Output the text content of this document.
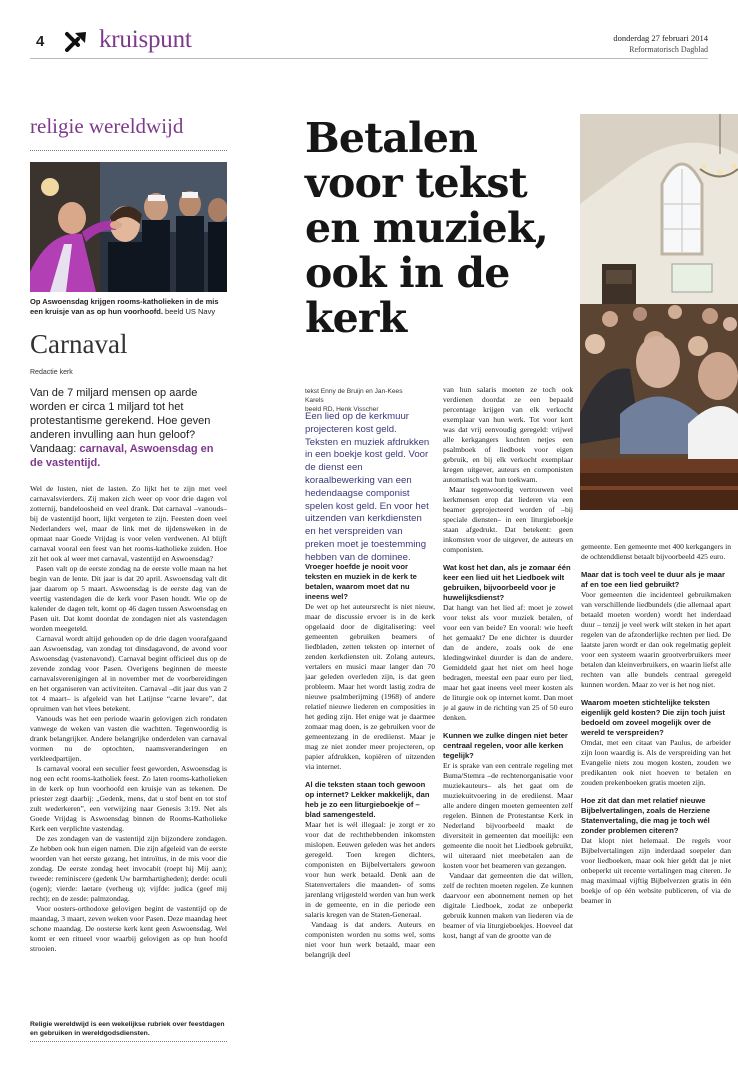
4 kruispunt	donderdag 27 februari 2014
Reformatorisch Dagblad
religie wereldwijd
Op Aswoensdag krijgen rooms-katholieken in de mis een kruisje van as op hun voorhoofd. beeld US Navy
Carnaval
Redactie kerk
Van de 7 miljard mensen op aarde worden er circa 1 miljard tot het protestantisme gerekend. Hoe geven anderen invulling aan hun geloof? Vandaag: carnaval, Aswoensdag en de vastentijd.

Wel de lusten, niet de lasten. Zo lijkt het te zijn met veel carnavalsvierders. Zij maken zich weer op voor drie dagen vol zotternij, bandeloosheid en veel drank. Dat carnaval –vanouds– bij de vastentijd hoort, lijkt vergeten te zijn. Feesten doen veel Nederlanders wel, maar de link met de tijdensweken in de opmaat naar Goede Vrijdag is voor velen verdwenen. Al blijft carnaval vooral een feest van het rooms-katholieke zuiden. Hoe zit het ook al weer met carnaval, vastentijd en Aswoensdag?

Pasen valt op de eerste zondag na de eerste volle maan na het begin van de lente. Dit jaar is dat 20 april. Aswoensdag valt dit jaar daarom op 5 maart. Aswoensdag is de eerste dag van de veertig vastendagen die de kerk voor Pasen houdt. Wie op de kalender de dagen telt, komt op 46 dagen tussen Aswoensdag en Pasen uit. Dat komt doordat de zondagen niet als vastendagen worden meegeteld.

Carnaval wordt altijd gehouden op de drie dagen voorafgaand aan Aswoensdag, van zondag tot dinsdagavond, de avond voor Aswoensdag (vastenavond). Carnaval begint officieel dus op de zevende zondag voor Pasen. Overigens beginnen de meeste carnavalsverenigingen al in november met de voorbereidingen en het organiseren van activiteiten. Carnaval –dit jaar dus van 2 tot 4 maart– is afgeleid van het Latijnse “carne levare”, dat opruimen van het vlees betekent.

Vanouds was het een periode waarin gelovigen zich rondaten vanwege de weken van vasten die wachtten. Tegenwoordig is drank belangrijker. Andere belangrijke onderdelen van carnaval vormen nu de optochten, naamsveranderingen en verkleedpartijen.

Is carnaval vooral een seculier feest geworden, Aswoensdag is nog een echt rooms-katholiek feest. Zo laten rooms-katholieken in de kerk op hun voorhoofd een kruisje van as tekenen. De priester zegt daarbij: „Gedenk, mens, dat u stof bent en tot stof zult wederkeren”, een verwijzing naar Genesis 3:19. Net als Goede Vrijdag is Aswoensdag binnen de Rooms-Katholieke Kerk een verplichte vastendag.

De zes zondagen van de vastentijd zijn bijzondere zondagen. Ze hebben ook hun eigen namen. Die zijn afgeleid van de eerste woorden van het eerste gezang, het introïtus, in de mis voor die zondag. De eerste zondag heet invocabit (roept hij Mij aan); tweede: reminiscere (gedenk Uw barmhartigheden); derde: oculi (ogen); vierde: laetare (verheug u); vijfde: judica (geef mij recht); en de zesde: palmzondag.

Voor oosters-orthodoxe gelovigen begint de vastentijd op de maandag, 3 maart, zeven weken voor Pasen. Deze maandag heet schone maandag. De oosterse kerk kent geen Aswoensdag. Wel komt er een ritueel voor waarbij gelovigen as op hun hoofd strooien.

Religie wereldwijd is een wekelijkse rubriek over feestdagen en gebruiken in wereldgodsdiensten.
Betalen voor tekst en muziek, ook in de kerk
tekst Enny de Bruijn en Jan-Kees Karels
beeld RD, Henk Visscher
Een lied op de kerkmuur projecteren kost geld. Teksten en muziek afdrukken in een boekje kost geld. Voor de dienst een koraalbewerking van een hedendaagse componist spelen kost geld. En voor het uitzenden van kerkdiensten en het verspreiden van preken moet je toestemming hebben van de dominee.
Vroeger hoefde je nooit voor teksten en muziek in de kerk te betalen, waarom moet dat nu ineens wel?

De wet op het auteursrecht is niet nieuw, maar de discussie ervoer is in de kerk opgelaaid door de digitalisering: veel gemeenten gebruiken beamers of liedbladen, zetten teksten op internet of zenden kerkdiensten uit. Zolang auteurs, vertalers en musici maar langer dan 70 jaar geleden overleden zijn, is dat geen probleem. Maar het wordt lastig zodra de nieuwe psalmberijming (1968) of andere relatief nieuwe liederen en composities in het geding zijn. Het enige wat je daarmee zomaar mag doen, is ze gebruiken voor de gemeentezang in de erediienst. Maar je mag ze niet zonder meer projecteren, op papier afdrukken, kopiëren of uitzenden via internet.

Al die teksten staan toch gewoon op internet? Lekker makkelijk, dan heb je zo een liturgieboekje of –blad samengesteld.

Maar het is wél illegaal: je zorgt er zo voor dat de rechthebbenden inkomsten mislopen. Eeuwen geleden was het anders geregeld. Toen kregen dichters, componisten en Bijbelvertalers gewoon voor hun werk betaald. Denk aan de Statenvertalers die maanden- of soms jarenlang vrijgesteld werden van hun werk in de gemeente, en in die periode een salaris kregen van de Staten-Generaal.

Vandaag is dat anders. Auteurs en componisten worden nu soms wel, soms niet voor hun werk betaald, maar een belangrijk deel

van hun salaris moeten ze toch ook verdienen doordat ze een bepaald percentage krijgen van elk verkocht exemplaar van hun werk. Tot voor kort was dat vrij eenvoudig geregeld: vrijwel alle kerkgangers kochten netjes een psalmboek of liedboek voor eigen gebruik, en bij elk verkocht exemplaar kregen uitgever, auteurs en componisten automatisch wat hun toekwam.

Maar tegenwoordig vertrouwen veel kerkmensen erop dat liederen via een beamer geprojecteerd worden of –bij speciale diensten– in een liturgieboekje staan afgedrukt. Dat betekent: geen inkomsten voor de uitgever, de auteurs en componisten.

Wat kost het dan, als je zomaar één keer een lied uit het Liedboek wilt gebruiken, bijvoorbeeld voor je huwelijksdienst?

Dat hangt van het lied af: moet je zowel voor tekst als voor muziek betalen, of voor een van beide? En vooral: wie heeft het gemaakt? De ene dichter is duurder dan de andere, zoals ook de ene kledingwinkel duurder is dan de andere. Gemiddeld gaat het niet om heel hoge bedragen, meestal een paar euro per lied, maar het gaat ineens veel meer kosten als de liturgie ook op internet komt. Dan moet je al gauw in de richting van 25 of 50 euro denken.

Kunnen we zulke dingen niet beter centraal regelen, voor alle kerken tegelijk?

Er is sprake van een centrale regeling met Buma/Stemra –de rechtenorganisatie voor muziekauteurs– als het gaat om de muziekuitvoering in de erediienst. Maar alle andere dingen moeten gemeenten zelf regelen. Binnen de Protestantse Kerk in Nederland bijvoorbeeld maakt de diversiteit in gemeenten dat moeilijk: een gemeente die nooit het Liedboek gebruikt, wil uiteraard niet meebetalen aan de kosten voor het beameren van gezangen.

Vandaar dat gemeenten die dat willen, zelf de rechten moeten regelen. Ze kunnen daarvoor een abonnement nemen op het digitale Liedboek, zodat ze onbeperkt gebruik kunnen maken van liederen via de beamer of via liturgieboekjes. Hoeveel dat kost, hangt af van de grootte van de

gemeente. Een gemeente met 400 kerkgangers in de ochtenddienst betaalt bijvoorbeeld 425 euro.

Maar dat is toch veel te duur als je maar af en toe een lied gebruikt?

Voor gemeenten die incidenteel gebruikmaken van verschillende liedbundels (die allemaal apart betaald moeten worden) wordt het inderdaad duur – tenzij je veel werk wilt steken in het apart regelen van de afzonderlijke rechten per lied. De laatste jaren wordt er dan ook regelmatig gepleit voor een systeem waarin grootverbruikers meer betalen dan kleinverbruikers, en waarin liefst alle rechten van alle bundels centraal geregeld kunnen worden. Maar zo ver is het nog niet.

Waarom moeten stichtelijke teksten eigenlijk geld kosten? Die zijn toch juist bedoeld om zoveel mogelijk over de wereld te verspreiden?

Omdat, met een citaat van Paulus, de arbeider zijn loon waardig is. Als de verspreiding van het Evangelie niets zou mogen kosten, zouden we predikanten ook niet hoeven te betalen en zouden prekenboeken gratis moeten zijn.

Hoe zit dat dan met relatief nieuwe Bijbelvertalingen, zoals de Herziene Statenvertaling, die mag je toch wél zonder problemen citeren?

Dat klopt niet helemaal. De regels voor Bijbelvertalingen zijn inderdaad soepeler dan voor liedboeken, maar ook hier geldt dat je niet onbeperkt uit recente vertalingen mag citeren. Je mag maximaal vijftig Bijbelverzen gratis in één boekje of op één website publiceren, of via de beamer in
